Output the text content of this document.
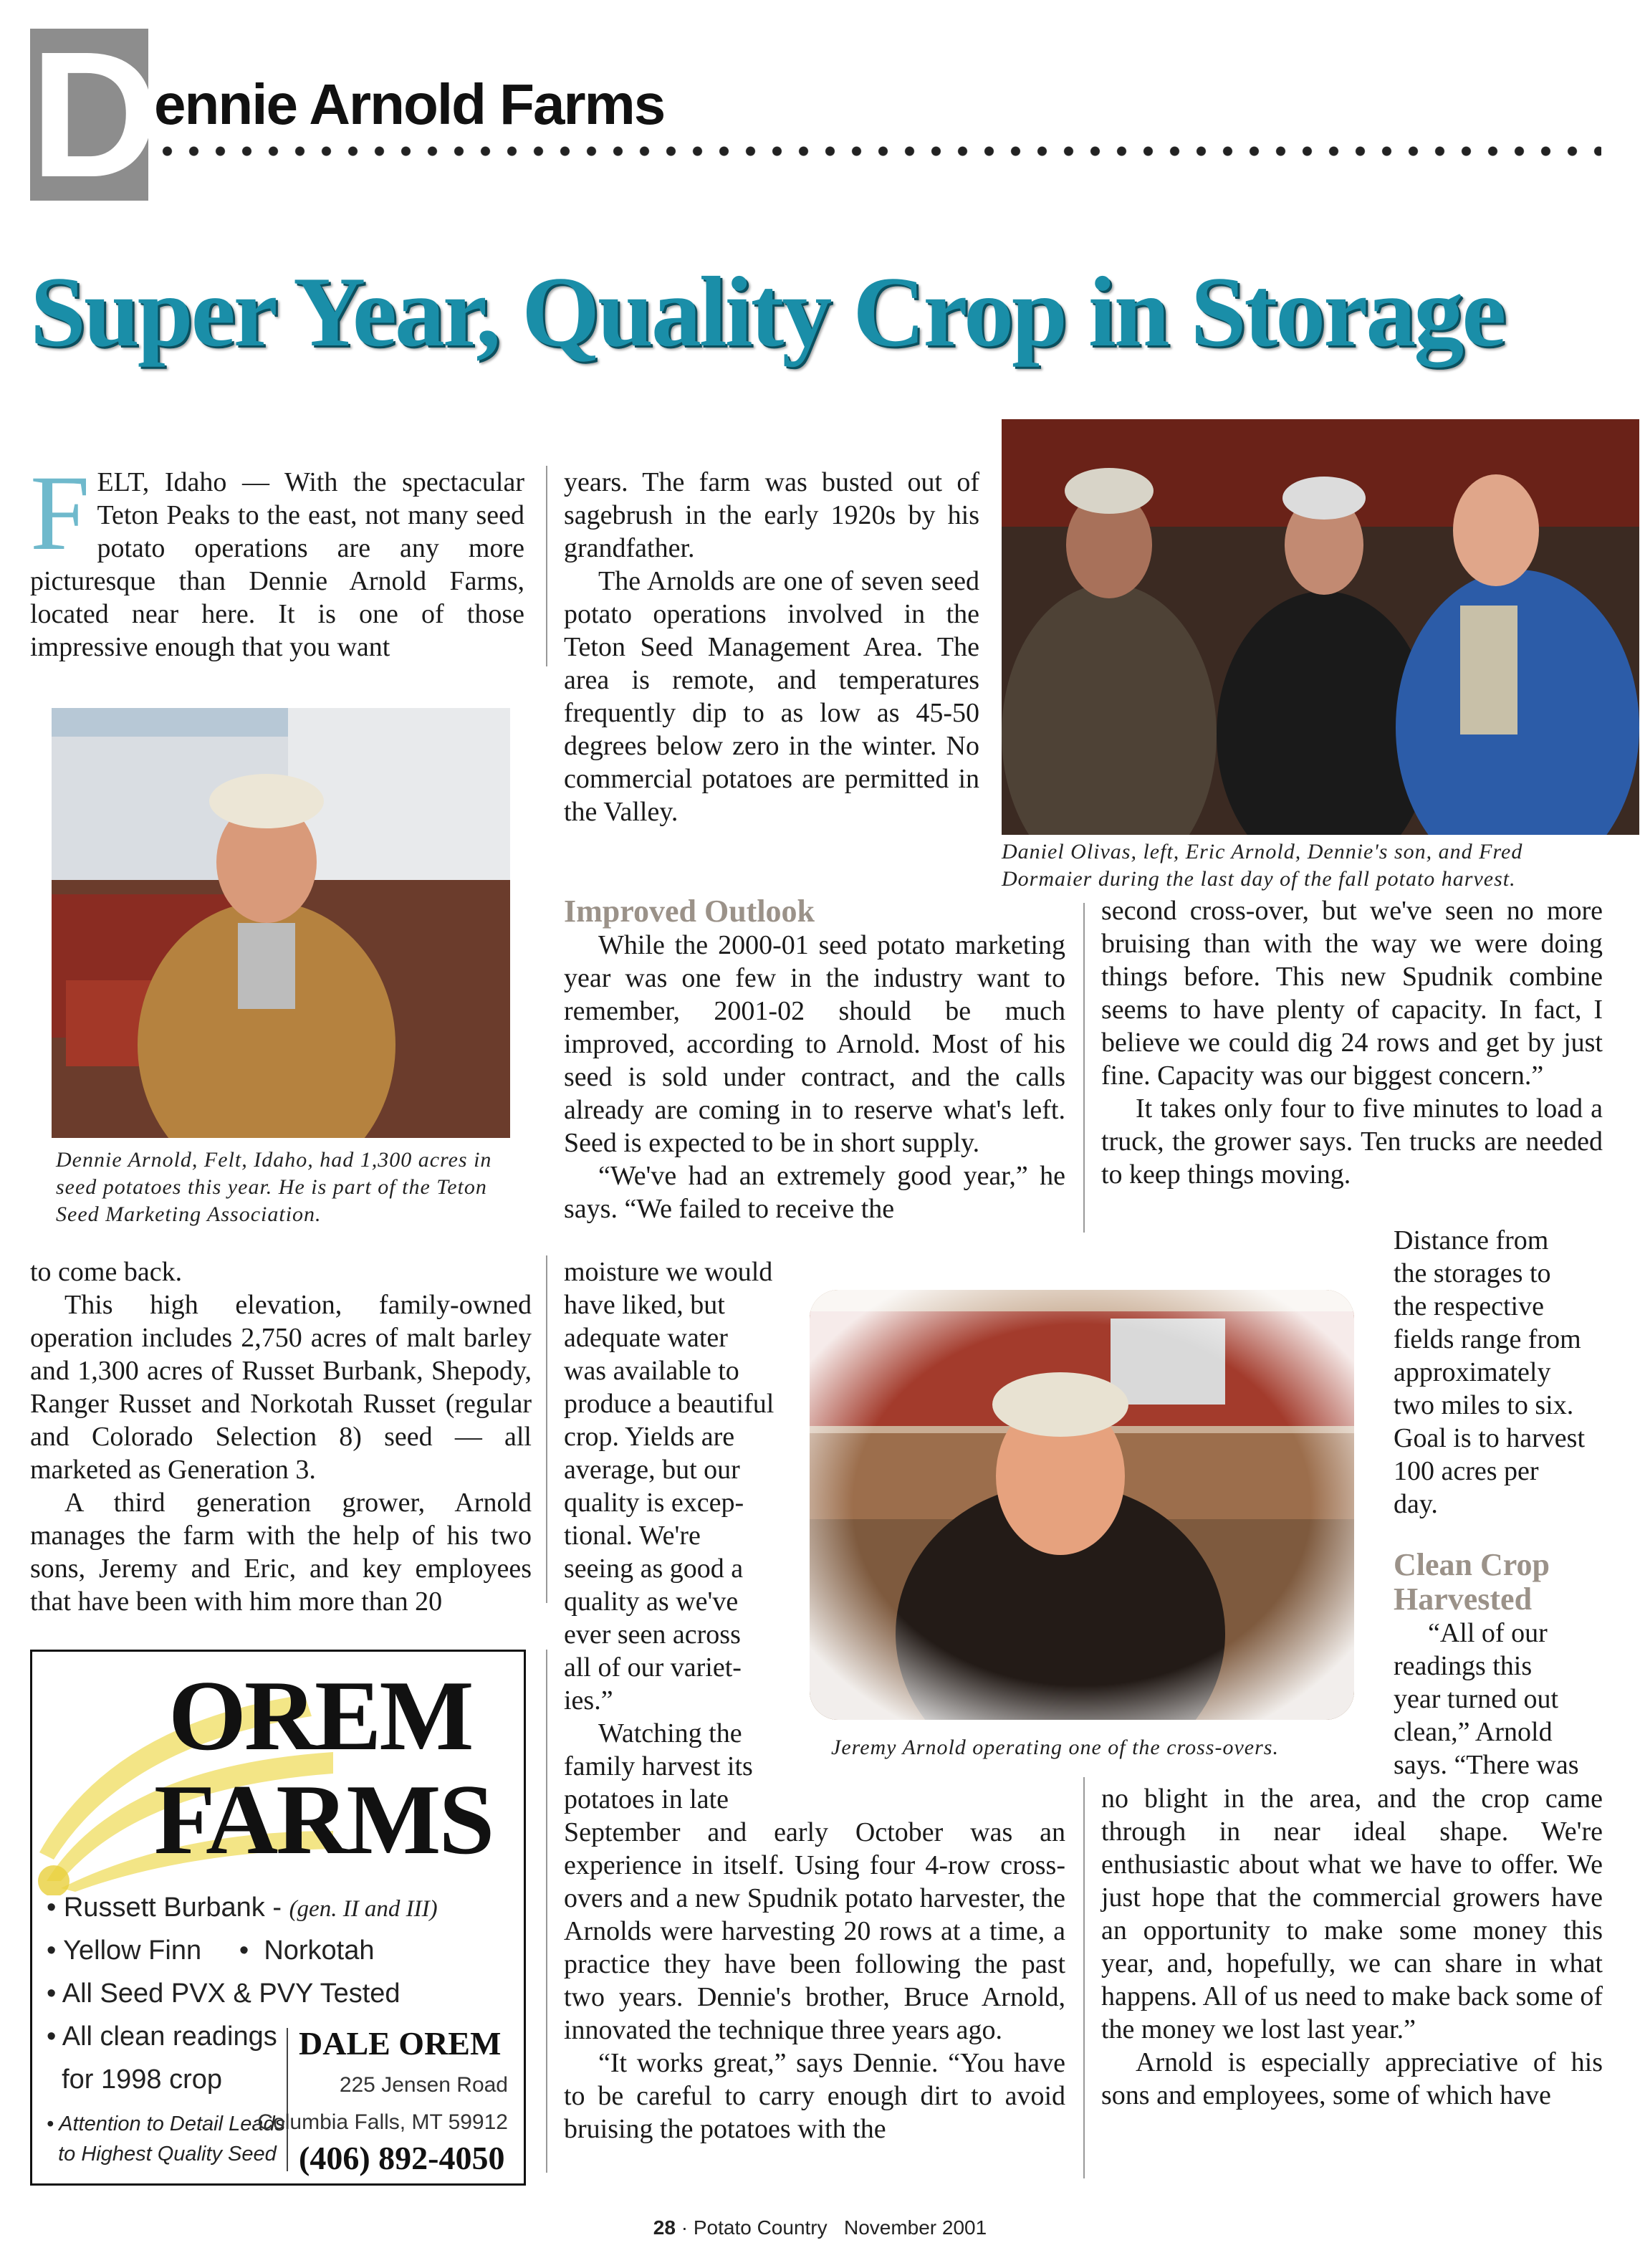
D ennie Arnold Farms
Super Year, Quality Crop in Storage
F ELT, Idaho — With the spectacular Teton Peaks to the east, not many seed potato operations are any more picturesque than Dennie Arnold Farms, located near here. It is one of those impressive enough that you want
Dennie Arnold, Felt, Idaho, had 1,300 acres in seed potatoes this year. He is part of the Teton Seed Marketing Association.

to come back.

This high elevation, family-owned operation includes 2,750 acres of malt barley and 1,300 acres of Russet Burbank, Shepody, Ranger Russet and Norkotah Russet (regular and Colorado Selection 8) seed — all marketed as Generation 3.

A third generation grower, Arnold manages the farm with the help of his two sons, Jeremy and Eric, and key employees that have been with him more than 20

years. The farm was busted out of sagebrush in the early 1920s by his grandfather.

The Arnolds are one of seven seed potato operations involved in the Teton Seed Management Area. The area is remote, and temperatures frequently dip to as low as 45-50 degrees below zero in the winter. No commercial potatoes are permitted in the Valley.

Daniel Olivas, left, Eric Arnold, Dennie's son, and Fred Dormaier during the last day of the fall potato harvest.
Improved Outlook

While the 2000-01 seed potato marketing year was one few in the industry want to remember, 2001-02 should be much improved, according to Arnold. Most of his seed is sold under contract, and the calls already are coming in to reserve what's left. Seed is expected to be in short supply.

“We've had an extremely good year,” he says. “We failed to receive the

moisture we would
have liked, but
adequate water
was available to
produce a beautiful
crop. Yields are
average, but our
quality is excep-
tional. We're
seeing as good a
quality as we've
ever seen across
all of our variet-
ies.”
Watching the
family harvest its
potatoes in late
Jeremy Arnold operating one of the cross-overs.

September and early October was an experience in itself. Using four 4-row cross-overs and a new Spudnik potato harvester, the Arnolds were harvesting 20 rows at a time, a practice they have been following the past two years. Dennie's brother, Bruce Arnold, innovated the technique three years ago.

“It works great,” says Dennie. “You have to be careful to carry enough dirt to avoid bruising the potatoes with the

second cross-over, but we've seen no more bruising than with the way we were doing things before. This new Spudnik combine seems to have plenty of capacity. In fact, I believe we could dig 24 rows and get by just fine. Capacity was our biggest concern.”

It takes only four to five minutes to load a truck, the grower says. Ten trucks are needed to keep things moving.

Distance from
the storages to
the respective
fields range from
approximately
two miles to six.
Goal is to harvest
100 acres per
day.
Clean Crop Harvested
“All of our
readings this
year turned out
clean,” Arnold
says. “There was

no blight in the area, and the crop came through in near ideal shape. We're enthusiastic about what we have to offer. We just hope that the commercial growers have an opportunity to make some money this year, and, hopefully, we can share in what happens. All of us need to make back some of the money we lost last year.”

Arnold is especially appreciative of his sons and employees, some of which have

OREM
FARMS
• Russett Burbank - (gen. II and III)
• Yellow Finn     •  Norkotah
• All Seed PVX & PVY Tested
• All clean readings
for 1998 crop
• Attention to Detail Leads
to Highest Quality Seed
DALE OREM
225 Jensen Road
Columbia Falls, MT 59912
(406) 892-4050
28 · Potato Country November 2001
